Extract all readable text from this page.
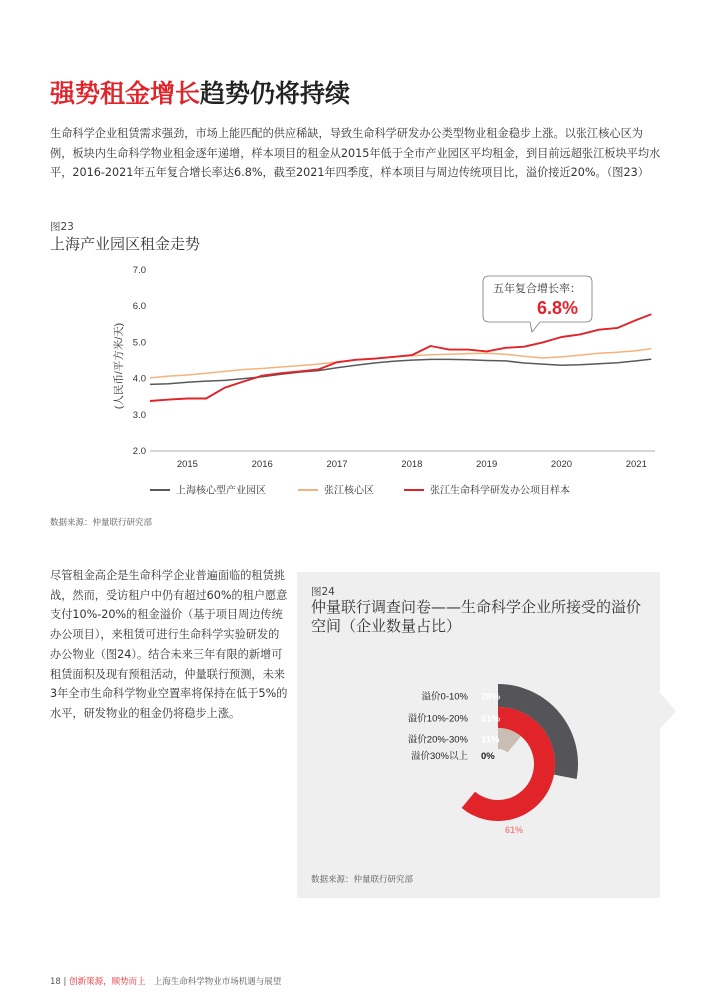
强势租金增长趋势仍将持续
生命科学企业租赁需求强劲，市场上能匹配的供应稀缺，导致生命科学研发办公类型物业租金稳步上涨。以张江核心区为例，板块内生命科学物业租金逐年递增，样本项目的租金从2015年低于全市产业园区平均租金，到目前远超张江板块平均水平，2016-2021年五年复合增长率达6.8%，截至2021年四季度，样本项目与周边传统项目比，溢价接近20%。（图23）
图23
上海产业园区租金走势
2.0
3.0
4.0
5.0
6.0
7.0
2015	2016	2017	2018	2019	2020	2021
(人民币/平方米/天)
五年复合增长率：
6.8%
上海核心型产业园区	张江核心区	张江生命科学研发办公项目样本
数据来源：仲量联行研究部
尽管租金高企是生命科学企业普遍面临的租赁挑战，然而，受访租户中仍有超过60%的租户愿意支付10%-20%的租金溢价（基于项目周边传统办公项目），来租赁可进行生命科学实验研发的办公物业（图24）。结合未来三年有限的新增可租赁面积及现有预租活动，仲量联行预测，未来3年全市生命科学物业空置率将保持在低于5%的水平，研发物业的租金仍将稳步上涨。
图24
仲量联行调查问卷——生命科学企业所接受的溢价空间（企业数量占比）
溢价0-10% 28%
溢价10%-20% 61%
溢价20%-30% 11%
溢价30%以上 0%
61%
数据来源：仲量联行研究部
18 | 创新策源，顺势而上 上海生命科学物业市场机遇与展望
